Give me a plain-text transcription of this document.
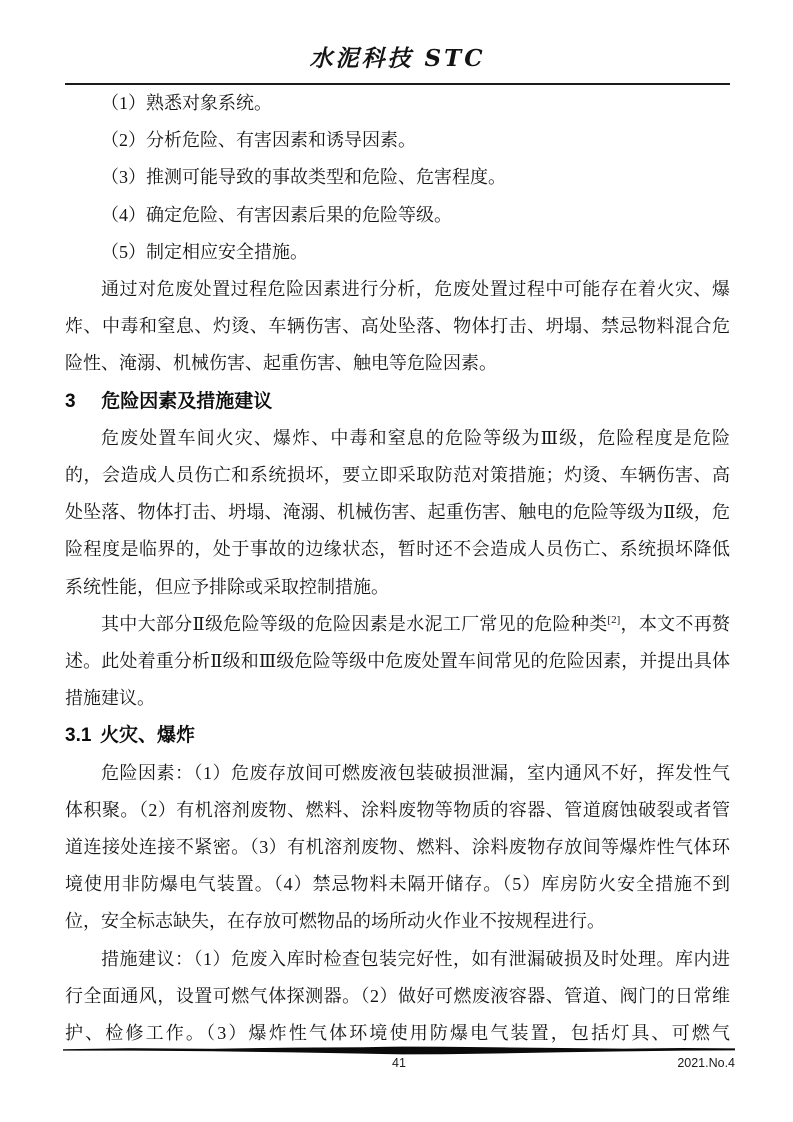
水泥科技 STC

（1）熟悉对象系统。

（2）分析危险、有害因素和诱导因素。

（3）推测可能导致的事故类型和危险、危害程度。

（4）确定危险、有害因素后果的危险等级。

（5）制定相应安全措施。

通过对危废处置过程危险因素进行分析，危废处置过程中可能存在着火灾、爆炸、中毒和窒息、灼烫、车辆伤害、高处坠落、物体打击、坍塌、禁忌物料混合危险性、淹溺、机械伤害、起重伤害、触电等危险因素。

3 危险因素及措施建议

危废处置车间火灾、爆炸、中毒和窒息的危险等级为Ⅲ级，危险程度是危险的，会造成人员伤亡和系统损坏，要立即采取防范对策措施；灼烫、车辆伤害、高处坠落、物体打击、坍塌、淹溺、机械伤害、起重伤害、触电的危险等级为Ⅱ级，危险程度是临界的，处于事故的边缘状态，暂时还不会造成人员伤亡、系统损坏降低系统性能，但应予排除或采取控制措施。

其中大部分Ⅱ级危险等级的危险因素是水泥工厂常见的危险种类[2]，本文不再赘述。此处着重分析Ⅱ级和Ⅲ级危险等级中危废处置车间常见的危险因素，并提出具体措施建议。

3.1 火灾、爆炸

危险因素：（1）危废存放间可燃废液包装破损泄漏，室内通风不好，挥发性气体积聚。（2）有机溶剂废物、燃料、涂料废物等物质的容器、管道腐蚀破裂或者管道连接处连接不紧密。（3）有机溶剂废物、燃料、涂料废物存放间等爆炸性气体环境使用非防爆电气装置。（4）禁忌物料未隔开储存。（5）库房防火安全措施不到位，安全标志缺失，在存放可燃物品的场所动火作业不按规程进行。

措施建议：（1）危废入库时检查包装完好性，如有泄漏破损及时处理。库内进行全面通风，设置可燃气体探测器。（2）做好可燃废液容器、管道、阀门的日常维护、检修工作。（3）爆炸性气体环境使用防爆电气装置，包括灯具、可燃气

41	2021.No.4
